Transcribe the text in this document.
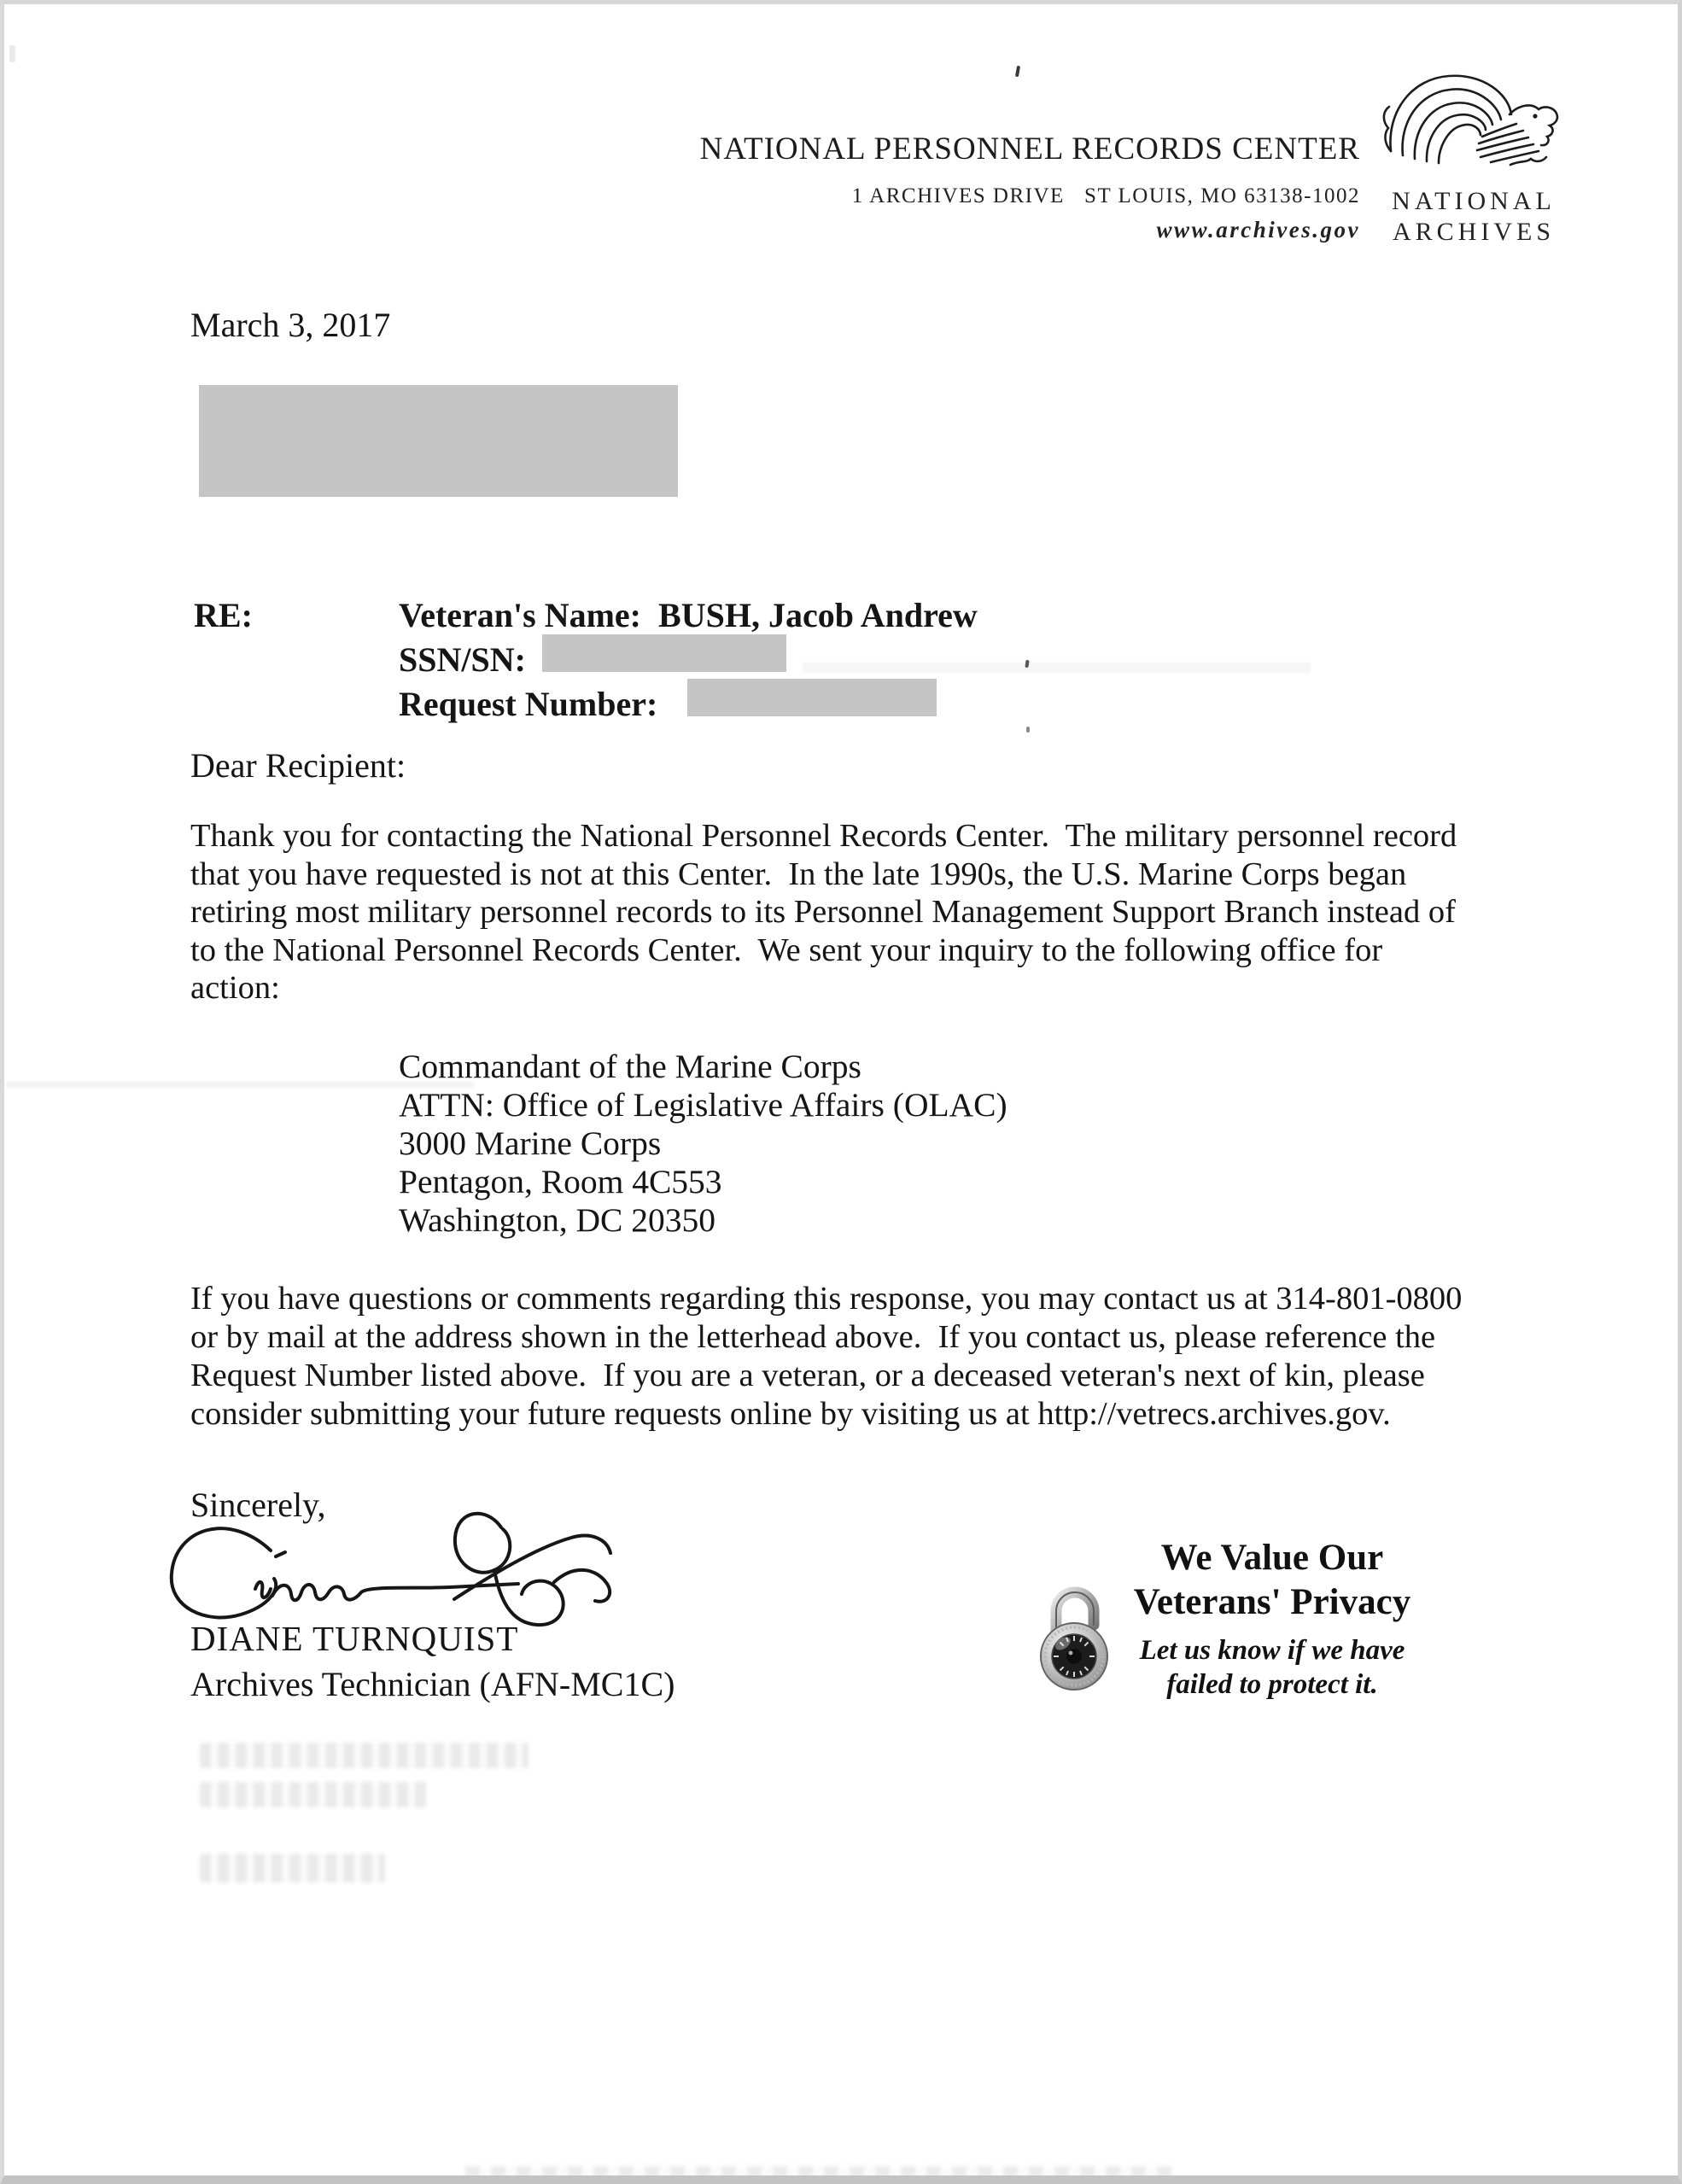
NATIONAL PERSONNEL RECORDS CENTER
1 ARCHIVES DRIVE   ST LOUIS, MO 63138-1002
www.archives.gov
NATIONAL
ARCHIVES
March 3, 2017
RE:	Veteran's Name: BUSH, Jacob Andrew
SSN/SN:
Request Number:
Dear Recipient:
Thank you for contacting the National Personnel Records Center.  The military personnel record that you have requested is not at this Center.  In the late 1990s, the U.S. Marine Corps began retiring most military personnel records to its Personnel Management Support Branch instead of to the National Personnel Records Center.  We sent your inquiry to the following office for action:
Commandant of the Marine Corps
ATTN: Office of Legislative Affairs (OLAC)
3000 Marine Corps
Pentagon, Room 4C553
Washington, DC 20350
If you have questions or comments regarding this response, you may contact us at 314-801-0800 or by mail at the address shown in the letterhead above.  If you contact us, please reference the Request Number listed above.  If you are a veteran, or a deceased veteran's next of kin, please consider submitting your future requests online by visiting us at http://vetrecs.archives.gov.
Sincerely,
DIANE TURNQUIST
Archives Technician (AFN-MC1C)
We Value Our
Veterans' Privacy
Let us know if we have
failed to protect it.
